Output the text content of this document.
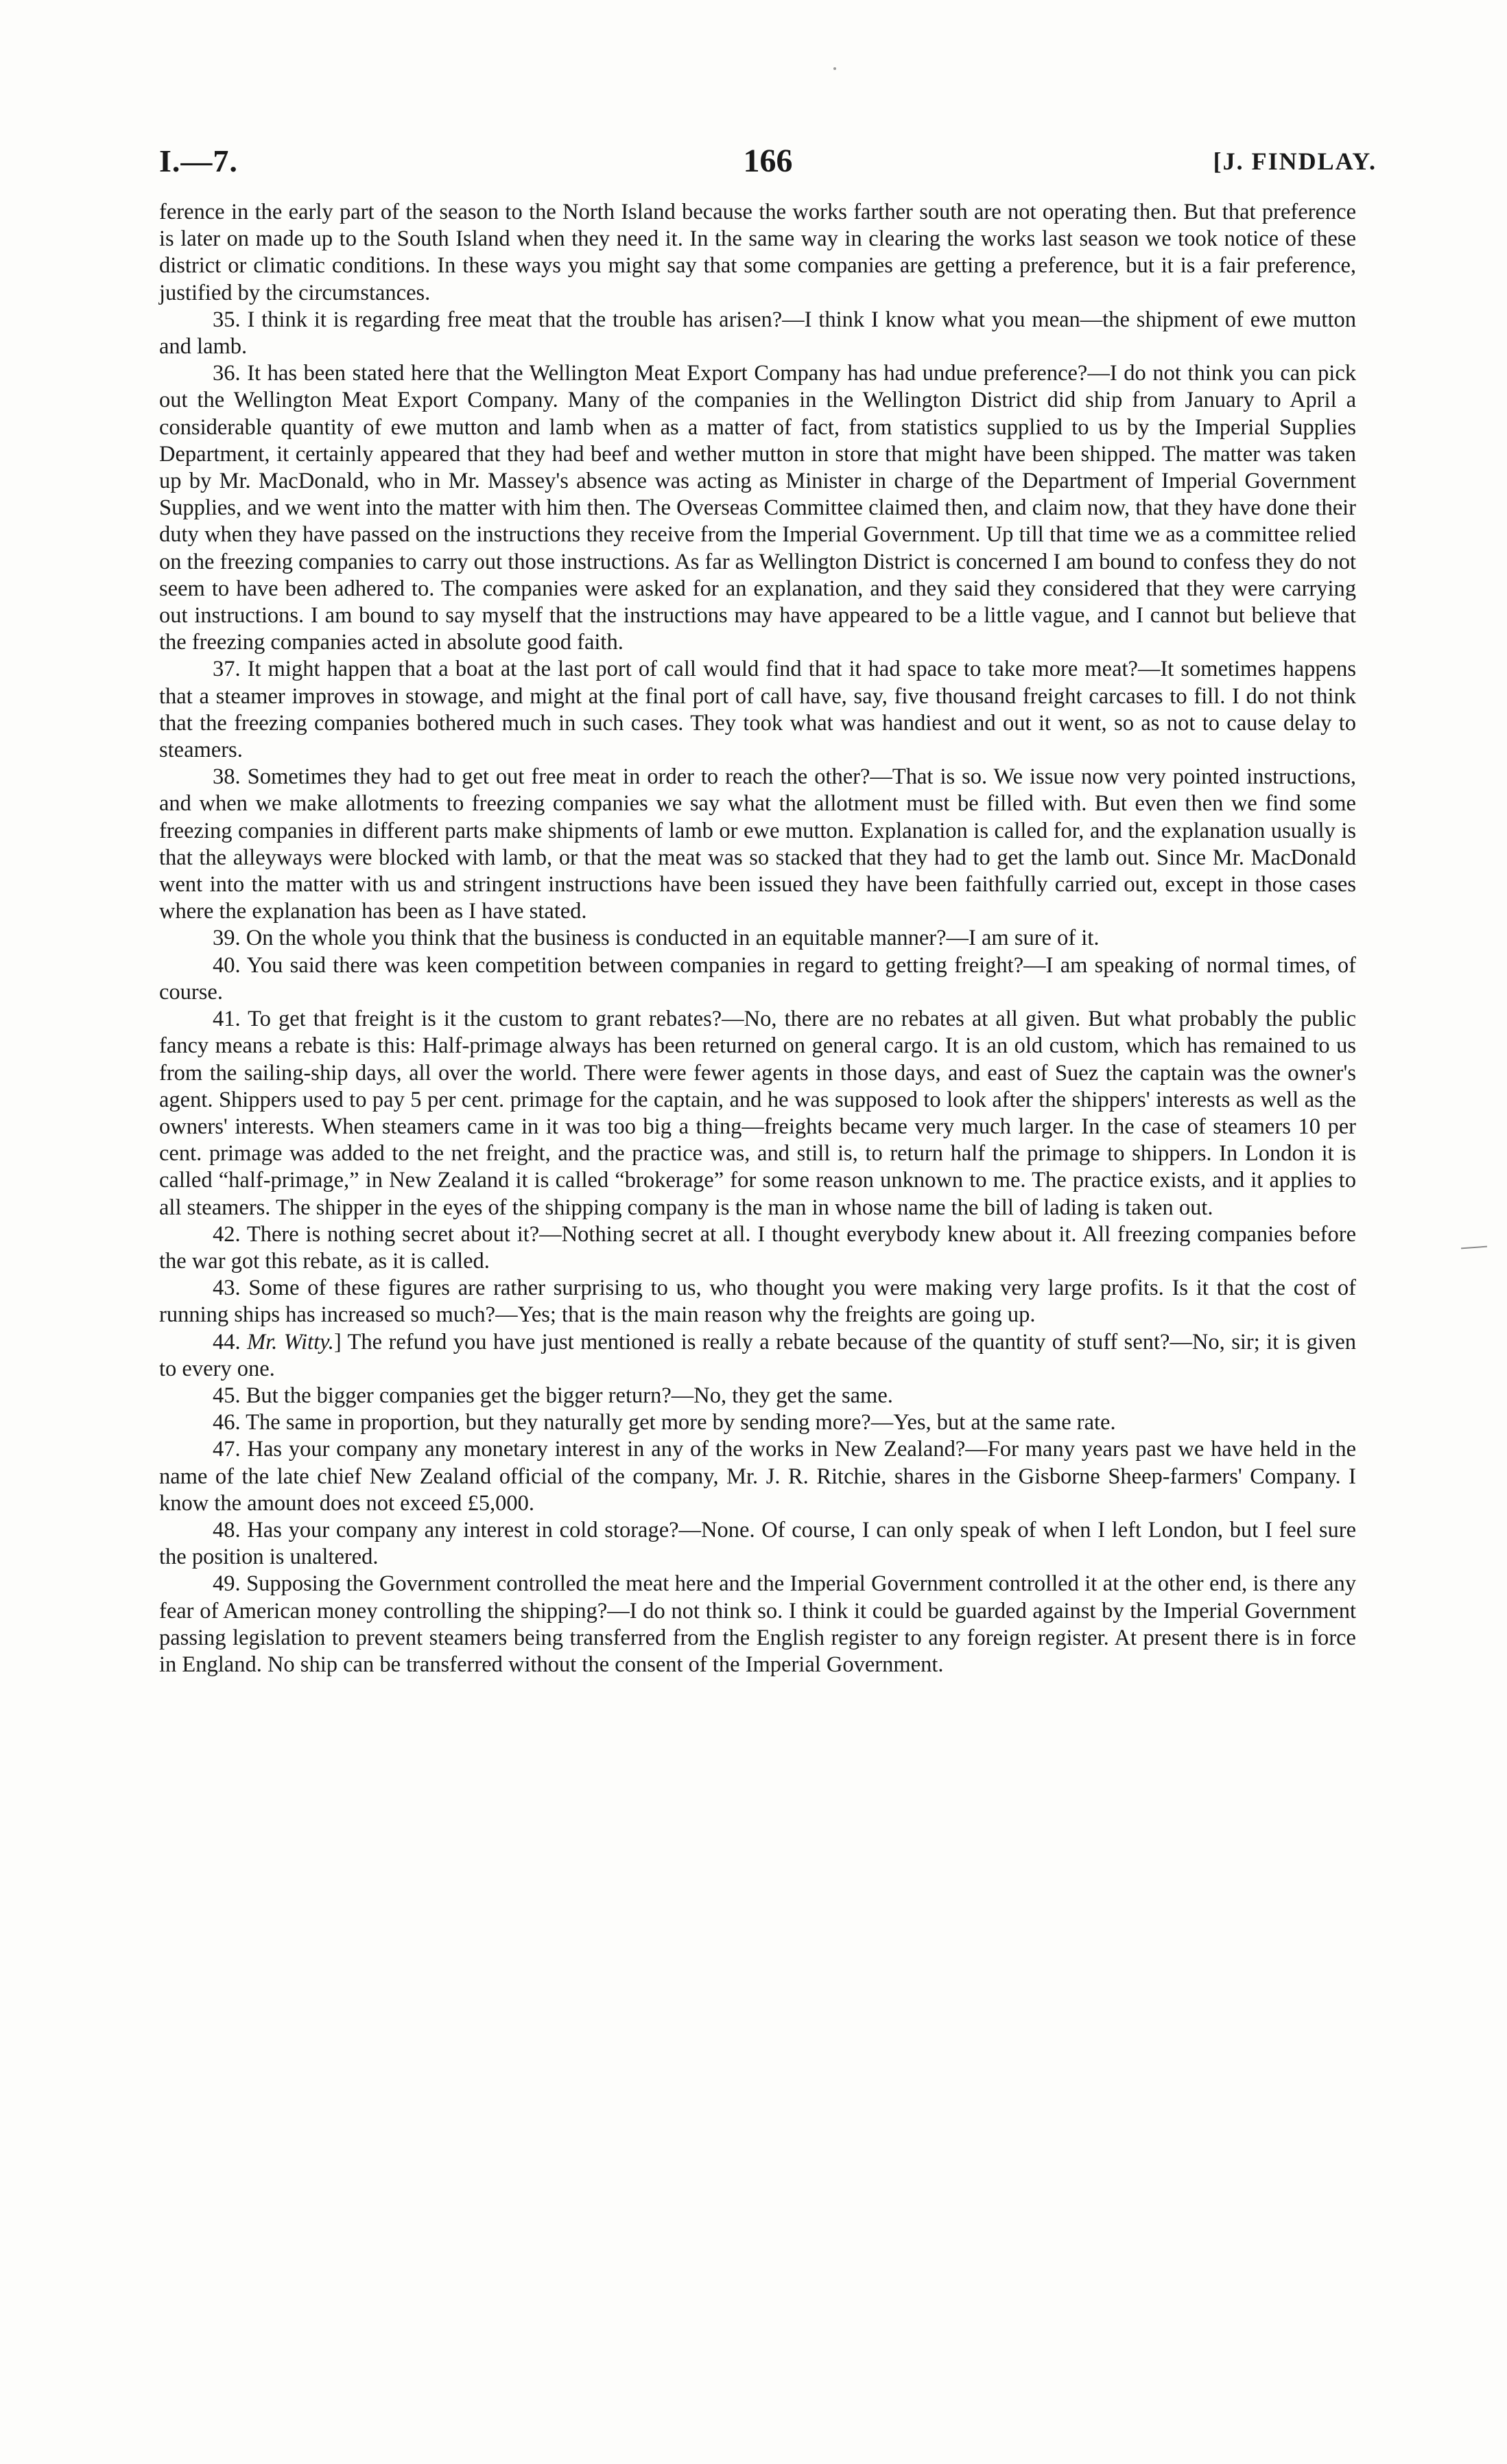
I.—7.	166	[J. FINDLAY.

ference in the early part of the season to the North Island because the works farther south are not operating then. But that preference is later on made up to the South Island when they need it. In the same way in clearing the works last season we took notice of these district or climatic conditions. In these ways you might say that some companies are getting a preference, but it is a fair preference, justified by the circumstances.

35. I think it is regarding free meat that the trouble has arisen?—I think I know what you mean—the shipment of ewe mutton and lamb.

36. It has been stated here that the Wellington Meat Export Company has had undue preference?—I do not think you can pick out the Wellington Meat Export Company. Many of the companies in the Wellington District did ship from January to April a considerable quantity of ewe mutton and lamb when as a matter of fact, from statistics supplied to us by the Imperial Supplies Department, it certainly appeared that they had beef and wether mutton in store that might have been shipped. The matter was taken up by Mr. MacDonald, who in Mr. Massey's absence was acting as Minister in charge of the Department of Imperial Government Supplies, and we went into the matter with him then. The Overseas Committee claimed then, and claim now, that they have done their duty when they have passed on the instructions they receive from the Imperial Government. Up till that time we as a committee relied on the freezing companies to carry out those instructions. As far as Wellington District is concerned I am bound to confess they do not seem to have been adhered to. The companies were asked for an explanation, and they said they considered that they were carrying out instructions. I am bound to say myself that the instructions may have appeared to be a little vague, and I cannot but believe that the freezing companies acted in absolute good faith.

37. It might happen that a boat at the last port of call would find that it had space to take more meat?—It sometimes happens that a steamer improves in stowage, and might at the final port of call have, say, five thousand freight carcases to fill. I do not think that the freezing companies bothered much in such cases. They took what was handiest and out it went, so as not to cause delay to steamers.

38. Sometimes they had to get out free meat in order to reach the other?—That is so. We issue now very pointed instructions, and when we make allotments to freezing companies we say what the allotment must be filled with. But even then we find some freezing companies in different parts make shipments of lamb or ewe mutton. Explanation is called for, and the explanation usually is that the alleyways were blocked with lamb, or that the meat was so stacked that they had to get the lamb out. Since Mr. MacDonald went into the matter with us and stringent instructions have been issued they have been faithfully carried out, except in those cases where the explanation has been as I have stated.

39. On the whole you think that the business is conducted in an equitable manner?—I am sure of it.

40. You said there was keen competition between companies in regard to getting freight?—I am speaking of normal times, of course.

41. To get that freight is it the custom to grant rebates?—No, there are no rebates at all given. But what probably the public fancy means a rebate is this: Half-primage always has been returned on general cargo. It is an old custom, which has remained to us from the sailing-ship days, all over the world. There were fewer agents in those days, and east of Suez the captain was the owner's agent. Shippers used to pay 5 per cent. primage for the captain, and he was supposed to look after the shippers' interests as well as the owners' interests. When steamers came in it was too big a thing—freights became very much larger. In the case of steamers 10 per cent. primage was added to the net freight, and the practice was, and still is, to return half the primage to shippers. In London it is called “half-primage,” in New Zealand it is called “brokerage” for some reason unknown to me. The practice exists, and it applies to all steamers. The shipper in the eyes of the shipping company is the man in whose name the bill of lading is taken out.

42. There is nothing secret about it?—Nothing secret at all. I thought everybody knew about it. All freezing companies before the war got this rebate, as it is called.

43. Some of these figures are rather surprising to us, who thought you were making very large profits. Is it that the cost of running ships has increased so much?—Yes; that is the main reason why the freights are going up.

44. Mr. Witty.] The refund you have just mentioned is really a rebate because of the quantity of stuff sent?—No, sir; it is given to every one.

45. But the bigger companies get the bigger return?—No, they get the same.

46. The same in proportion, but they naturally get more by sending more?—Yes, but at the same rate.

47. Has your company any monetary interest in any of the works in New Zealand?—For many years past we have held in the name of the late chief New Zealand official of the company, Mr. J. R. Ritchie, shares in the Gisborne Sheep-farmers' Company. I know the amount does not exceed £5,000.

48. Has your company any interest in cold storage?—None. Of course, I can only speak of when I left London, but I feel sure the position is unaltered.

49. Supposing the Government controlled the meat here and the Imperial Government controlled it at the other end, is there any fear of American money controlling the shipping?—I do not think so. I think it could be guarded against by the Imperial Government passing legislation to prevent steamers being transferred from the English register to any foreign register. At present there is in force in England. No ship can be transferred without the consent of the Imperial Government.
